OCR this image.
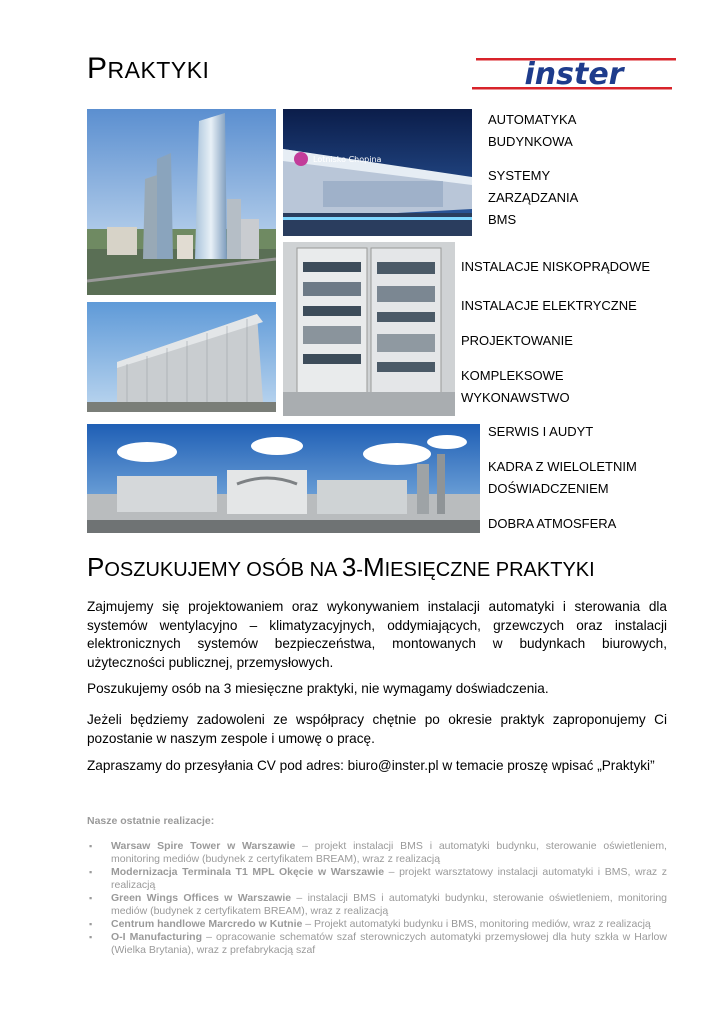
PRAKTYKI	inster
Lotnisko Chopina
AUTOMATYKA
BUDYNKOWA
SYSTEMY
ZARZĄDZANIA
BMS
INSTALACJE NISKOPRĄDOWE
INSTALACJE ELEKTRYCZNE
PROJEKTOWANIE
KOMPLEKSOWE
WYKONAWSTWO
SERWIS I AUDYT
KADRA Z WIELOLETNIM
DOŚWIADCZENIEM
DOBRA ATMOSFERA
POSZUKUJEMY OSÓB NA 3-MIESIĘCZNE PRAKTYKI
Zajmujemy się projektowaniem oraz wykonywaniem instalacji automatyki i sterowania dla systemów wentylacyjno – klimatyzacyjnych, oddymiających, grzewczych oraz instalacji elektronicznych systemów bezpieczeństwa, montowanych w budynkach biurowych, użyteczności publicznej, przemysłowych.
Poszukujemy osób na 3 miesięczne praktyki, nie wymagamy doświadczenia.
Jeżeli będziemy zadowoleni ze współpracy chętnie po okresie praktyk zaproponujemy Ci pozostanie w naszym zespole i umowę o pracę.
Zapraszamy do przesyłania CV pod adres: biuro@inster.pl w temacie proszę wpisać „Praktyki”
Nasze ostatnie realizacje:
▪ Warsaw Spire Tower w Warszawie – projekt instalacji BMS i automatyki budynku, sterowanie oświetleniem, monitoring mediów (budynek z certyfikatem BREAM), wraz z realizacją
▪ Modernizacja Terminala T1 MPL Okęcie w Warszawie – projekt warsztatowy instalacji automatyki i BMS, wraz z realizacją
▪ Green Wings Offices w Warszawie – instalacji BMS i automatyki budynku, sterowanie oświetleniem, monitoring mediów (budynek z certyfikatem BREAM), wraz z realizacją
▪ Centrum handlowe Marcredo w Kutnie – Projekt automatyki budynku i BMS, monitoring mediów, wraz z realizacją
▪ O-I Manufacturing – opracowanie schematów szaf sterowniczych automatyki przemysłowej dla huty szkła w Harlow (Wielka Brytania), wraz z prefabrykacją szaf
